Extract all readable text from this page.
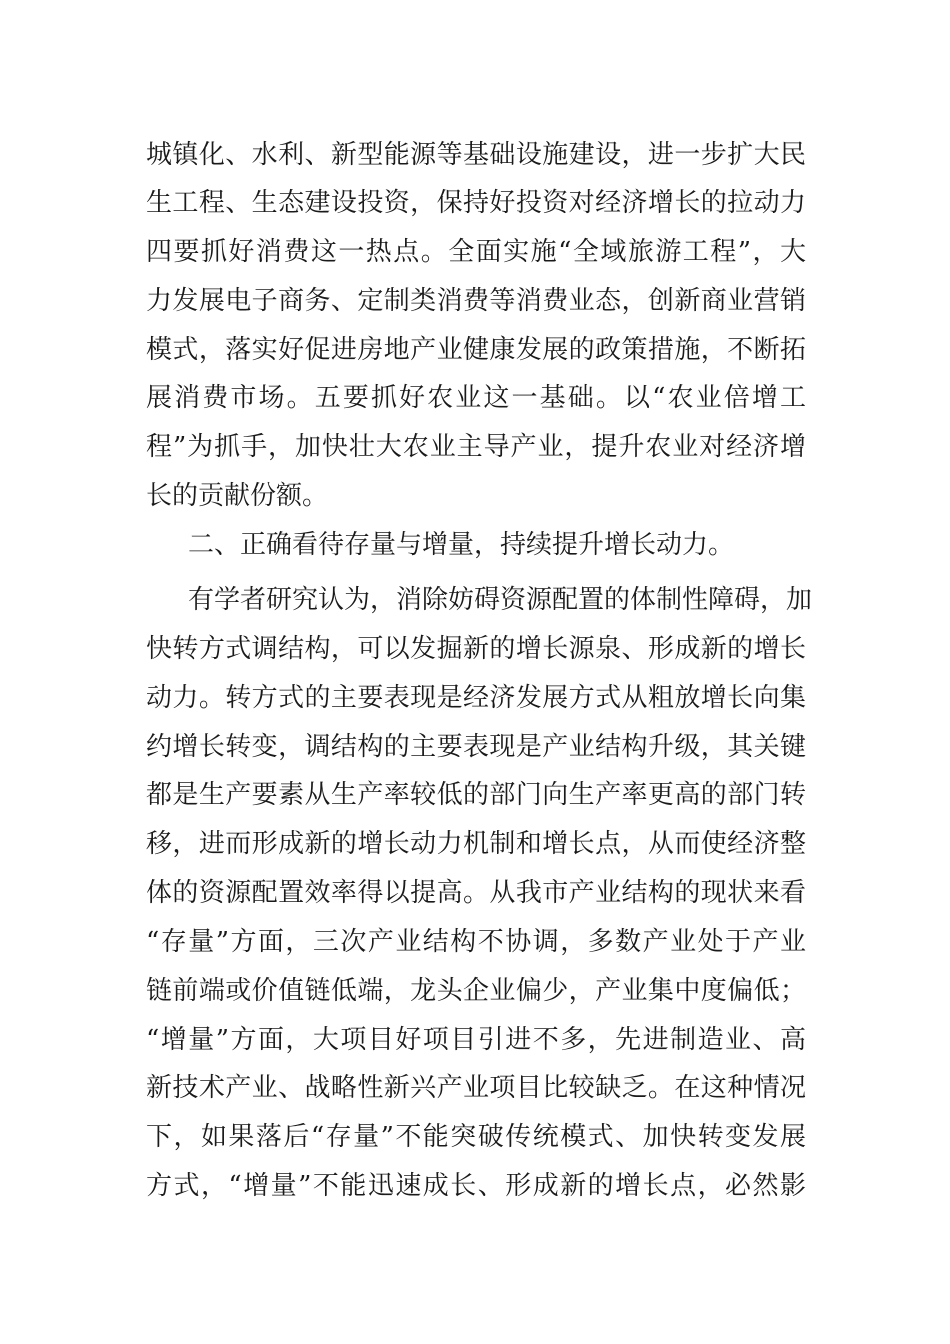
城镇化、水利、新型能源等基础设施建设，进一步扩大民
生工程、生态建设投资，保持好投资对经济增长的拉动力
四要抓好消费这一热点。全面实施“全域旅游工程”，大
力发展电子商务、定制类消费等消费业态，创新商业营销
模式，落实好促进房地产业健康发展的政策措施，不断拓
展消费市场。五要抓好农业这一基础。以“农业倍增工
程”为抓手，加快壮大农业主导产业，提升农业对经济增
长的贡献份额。
二、正确看待存量与增量，持续提升增长动力。
有学者研究认为，消除妨碍资源配置的体制性障碍，加
快转方式调结构，可以发掘新的增长源泉、形成新的增长
动力。转方式的主要表现是经济发展方式从粗放增长向集
约增长转变，调结构的主要表现是产业结构升级，其关键
都是生产要素从生产率较低的部门向生产率更高的部门转
移，进而形成新的增长动力机制和增长点，从而使经济整
体的资源配置效率得以提高。从我市产业结构的现状来看
“存量”方面，三次产业结构不协调，多数产业处于产业
链前端或价值链低端，龙头企业偏少，产业集中度偏低；
“增量”方面，大项目好项目引进不多，先进制造业、高
新技术产业、战略性新兴产业项目比较缺乏。在这种情况
下，如果落后“存量”不能突破传统模式、加快转变发展
方式，“增量”不能迅速成长、形成新的增长点，必然影
